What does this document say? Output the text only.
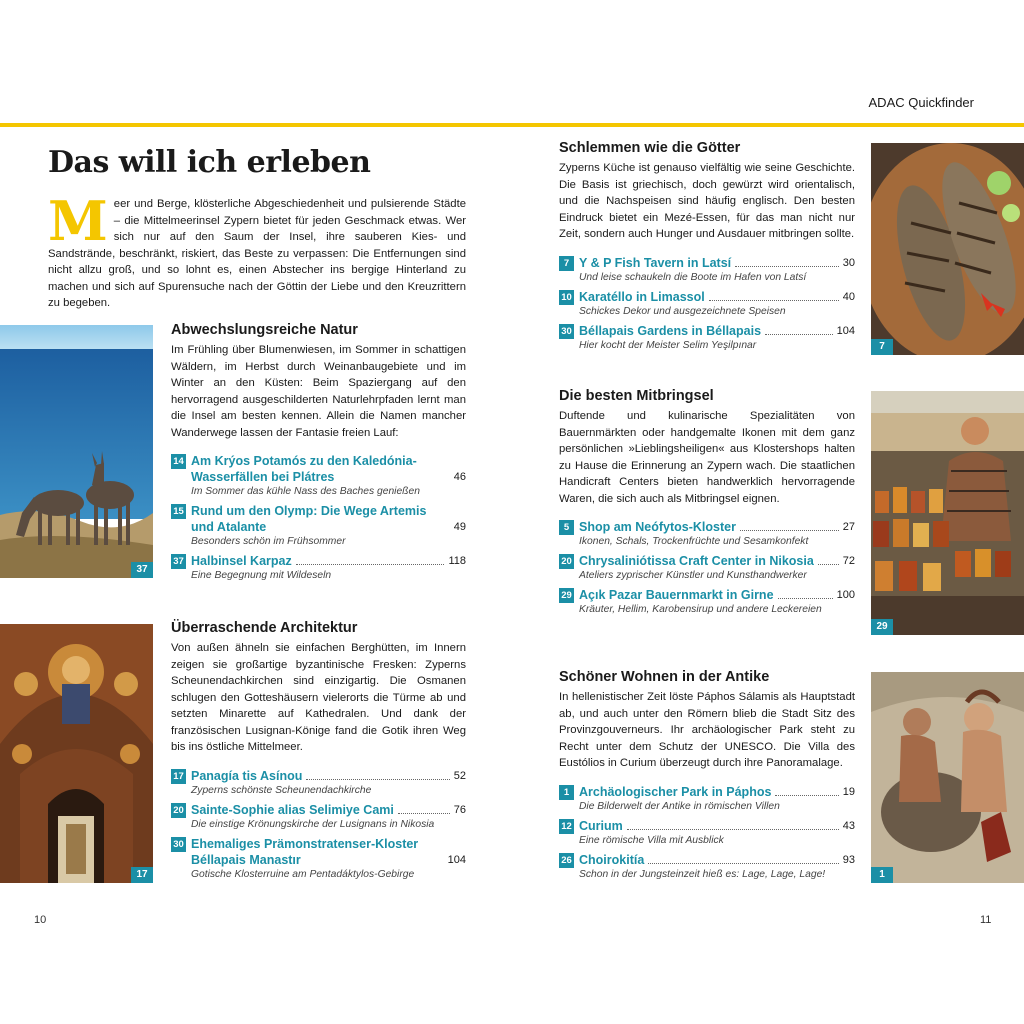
ADAC Quickfinder
Das will ich erleben
Meer und Berge, klösterliche Abgeschiedenheit und pulsierende Städte – die Mittelmeerinsel Zypern bietet für jeden Geschmack etwas. Wer sich nur auf den Saum der Insel, ihre sauberen Kies- und Sandstrände, beschränkt, riskiert, das Beste zu verpassen: Die Entfernungen sind nicht allzu groß, und so lohnt es, einen Abstecher ins bergige Hinterland zu machen und sich auf Spurensuche nach der Göttin der Liebe und den Kreuzrittern zu begeben.
37
17
7
29
1
Abwechslungsreiche Natur
Im Frühling über Blumenwiesen, im Sommer in schattigen Wäldern, im Herbst durch Weinanbaugebiete und im Winter an den Küsten: Beim Spaziergang auf den hervorragend ausgeschilderten Naturlehrpfaden lernt man die Insel am besten kennen. Allein die Namen mancher Wanderwege lassen der Fantasie freien Lauf:
14 Am Krýos Potamós zu den Kaledónia-Wasserfällen bei Plátres	46
Im Sommer das kühle Nass des Baches genießen
15 Rund um den Olymp: Die Wege Artemis und Atalante	49
Besonders schön im Frühsommer
37 Halbinsel Karpaz	118
Eine Begegnung mit Wildeseln
Überraschende Architektur
Von außen ähneln sie einfachen Berghütten, im Innern zeigen sie großartige byzantinische Fresken: Zyperns Scheunendachkirchen sind einzigartig. Die Osmanen schlugen den Gotteshäusern vielerorts die Türme ab und setzten Minarette auf Kathedralen. Und dank der französischen Lusignan-Könige fand die Gotik ihren Weg bis ins östliche Mittelmeer.
17 Panagía tis Asínou	52
Zyperns schönste Scheunendachkirche
20 Sainte-Sophie alias Selimiye Cami	76
Die einstige Krönungskirche der Lusignans in Nikosia
30 Ehemaliges Prämonstratenser-Kloster Béllapais Manastır	104
Gotische Klosterruine am Pentadáktylos-Gebirge
Schlemmen wie die Götter
Zyperns Küche ist genauso vielfältig wie seine Geschichte. Die Basis ist griechisch, doch gewürzt wird orientalisch, und die Nachspeisen sind häufig englisch. Den besten Eindruck bietet ein Mezé-Essen, für das man nicht nur Zeit, sondern auch Hunger und Ausdauer mitbringen sollte.
7 Y & P Fish Tavern in Latsí	30
Und leise schaukeln die Boote im Hafen von Latsí
10 Karatéllo in Limassol	40
Schickes Dekor und ausgezeichnete Speisen
30 Béllapais Gardens in Béllapais	104
Hier kocht der Meister Selim Yeşilpınar
Die besten Mitbringsel
Duftende und kulinarische Spezialitäten von Bauernmärkten oder handgemalte Ikonen mit dem ganz persönlichen »Lieblingsheiligen« aus Klostershops halten zu Hause die Erinnerung an Zypern wach. Die staatlichen Handicraft Centers bieten handwerklich hervorragende Waren, die sich auch als Mitbringsel eignen.
5 Shop am Neófytos-Kloster	27
Ikonen, Schals, Trockenfrüchte und Sesamkonfekt
20 Chrysaliniótissa Craft Center in Nikosia	72
Ateliers zyprischer Künstler und Kunsthandwerker
29 Açık Pazar Bauernmarkt in Girne	100
Kräuter, Hellim, Karobensirup und andere Leckereien
Schöner Wohnen in der Antike
In hellenistischer Zeit löste Páphos Sálamis als Hauptstadt ab, und auch unter den Römern blieb die Stadt Sitz des Provinzgouverneurs. Ihr archäologischer Park steht zu Recht unter dem Schutz der UNESCO. Die Villa des Eustólios in Curium überzeugt durch ihre Panoramalage.
1 Archäologischer Park in Páphos	19
Die Bilderwelt der Antike in römischen Villen
12 Curium	43
Eine römische Villa mit Ausblick
26 Choirokitía	93
Schon in der Jungsteinzeit hieß es: Lage, Lage, Lage!
10	11
